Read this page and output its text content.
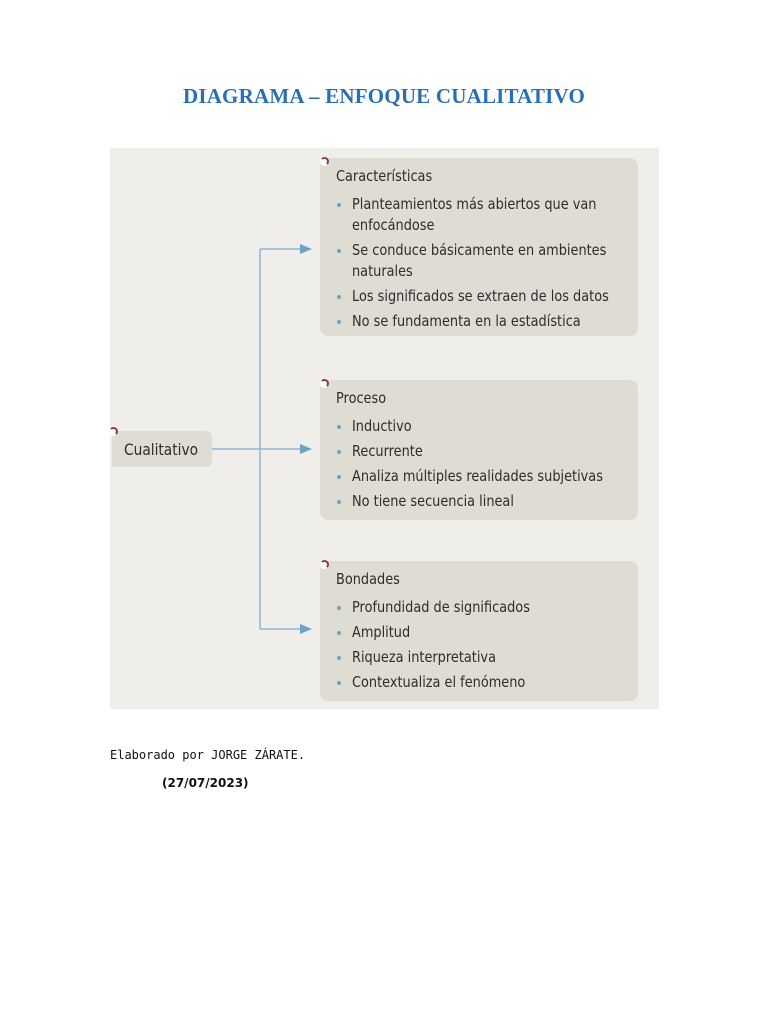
DIAGRAMA – ENFOQUE CUALITATIVO
Cualitativo
Características
Planteamientos más abiertos que van enfocándose
Se conduce básicamente en ambientes naturales
Los significados se extraen de los datos
No se fundamenta en la estadística
Proceso
Inductivo
Recurrente
Analiza múltiples realidades subjetivas
No tiene secuencia lineal
Bondades
Profundidad de significados
Amplitud
Riqueza interpretativa
Contextualiza el fenómeno
Elaborado por JORGE ZÁRATE.
(27/07/2023)
